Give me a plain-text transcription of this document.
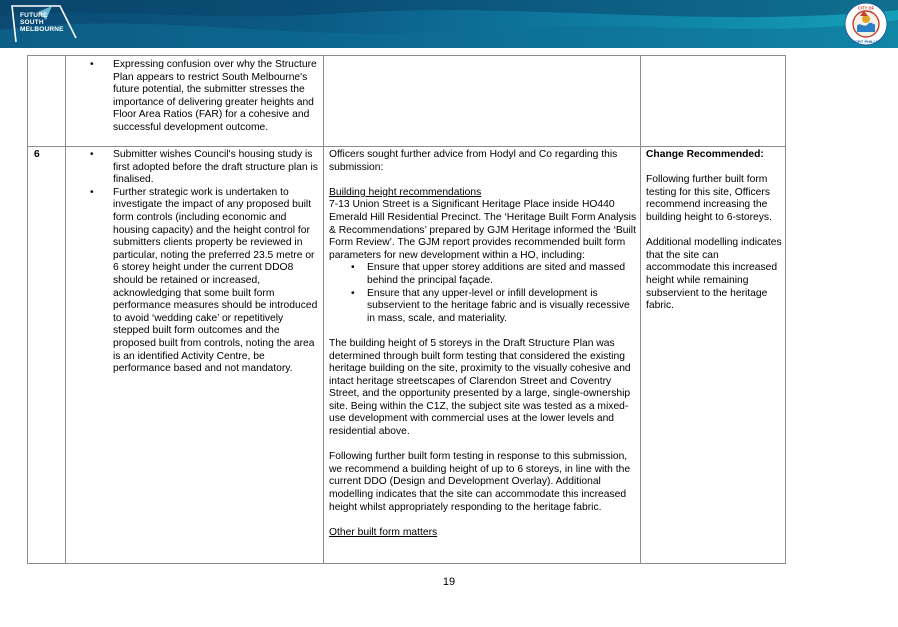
FUTURE
SOUTH
MELBOURNE
CITY OF
PORT PHILLIP
• Expressing confusion over why the Structure Plan appears to restrict South Melbourne's future potential, the submitter stresses the importance of delivering greater heights and Floor Area Ratios (FAR) for a cohesive and successful development outcome.
6
•	Submitter wishes Council's housing study is first adopted before the draft structure plan is finalised.
• Further strategic work is undertaken to investigate the impact of any proposed built form controls (including economic and housing capacity) and the height control for submitters clients property be reviewed in particular, noting the preferred 23.5 metre or 6 storey height under the current DDO8 should be retained or increased, acknowledging that some built form performance measures should be introduced to avoid ‘wedding cake’ or repetitively stepped built form outcomes and the proposed built from controls, noting the area is an identified Activity Centre, be performance based and not mandatory.
Officers sought further advice from Hodyl and Co regarding this submission:
Building height recommendations
7-13 Union Street is a Significant Heritage Place inside HO440 Emerald Hill Residential Precinct. The ‘Heritage Built Form Analysis & Recommendations’ prepared by GJM Heritage informed the ‘Built Form Review’. The GJM report provides recommended built form parameters for new development within a HO, including:
• Ensure that upper storey additions are sited and massed behind the principal façade.
• Ensure that any upper-level or infill development is subservient to the heritage fabric and is visually recessive in mass, scale, and materiality.
The building height of 5 storeys in the Draft Structure Plan was determined through built form testing that considered the existing heritage building on the site, proximity to the visually cohesive and intact heritage streetscapes of Clarendon Street and Coventry Street, and the opportunity presented by a large, single-ownership site. Being within the C1Z, the subject site was tested as a mixed-use development with commercial uses at the lower levels and residential above.
Following further built form testing in response to this submission, we recommend a building height of up to 6 storeys, in line with the current DDO (Design and Development Overlay). Additional modelling indicates that the site can accommodate this increased height whilst appropriately responding to the heritage fabric.
Other built form matters
Change Recommended:
Following further built form testing for this site, Officers recommend increasing the building height to 6-storeys.
Additional modelling indicates that the site can accommodate this increased height while remaining subservient to the heritage fabric.
19
